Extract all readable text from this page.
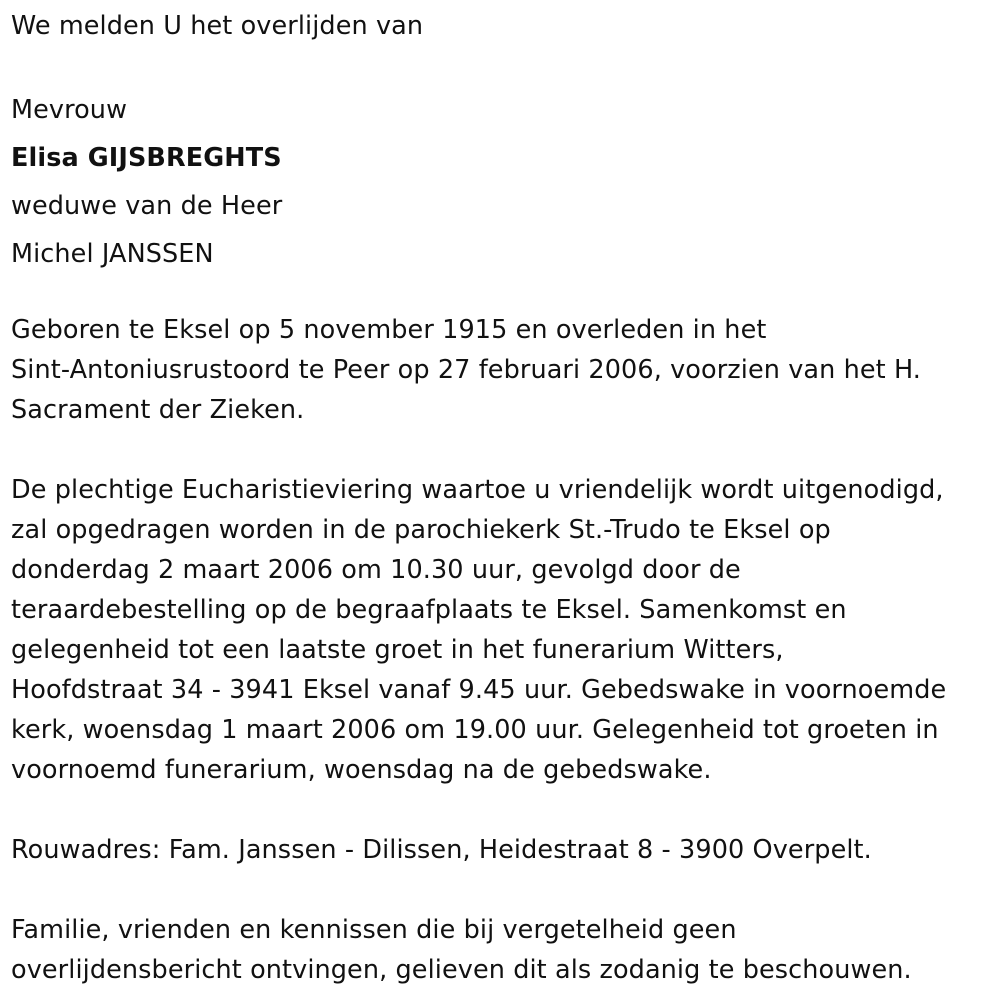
We melden U het overlijden van
Mevrouw
Elisa GIJSBREGHTS
weduwe van de Heer
Michel JANSSEN
Geboren te Eksel op 5 november 1915 en overleden in het
Sint-Antoniusrustoord te Peer op 27 februari 2006, voorzien van het H.
Sacrament der Zieken.
De plechtige Eucharistieviering waartoe u vriendelijk wordt uitgenodigd,
zal opgedragen worden in de parochiekerk St.-Trudo te Eksel op
donderdag 2 maart 2006 om 10.30 uur, gevolgd door de
teraardebestelling op de begraafplaats te Eksel. Samenkomst en
gelegenheid tot een laatste groet in het funerarium Witters,
Hoofdstraat 34 - 3941 Eksel vanaf 9.45 uur. Gebedswake in voornoemde
kerk, woensdag 1 maart 2006 om 19.00 uur. Gelegenheid tot groeten in
voornoemd funerarium, woensdag na de gebedswake.
Rouwadres: Fam. Janssen - Dilissen, Heidestraat 8 - 3900 Overpelt.
Familie, vrienden en kennissen die bij vergetelheid geen
overlijdensbericht ontvingen, gelieven dit als zodanig te beschouwen.
